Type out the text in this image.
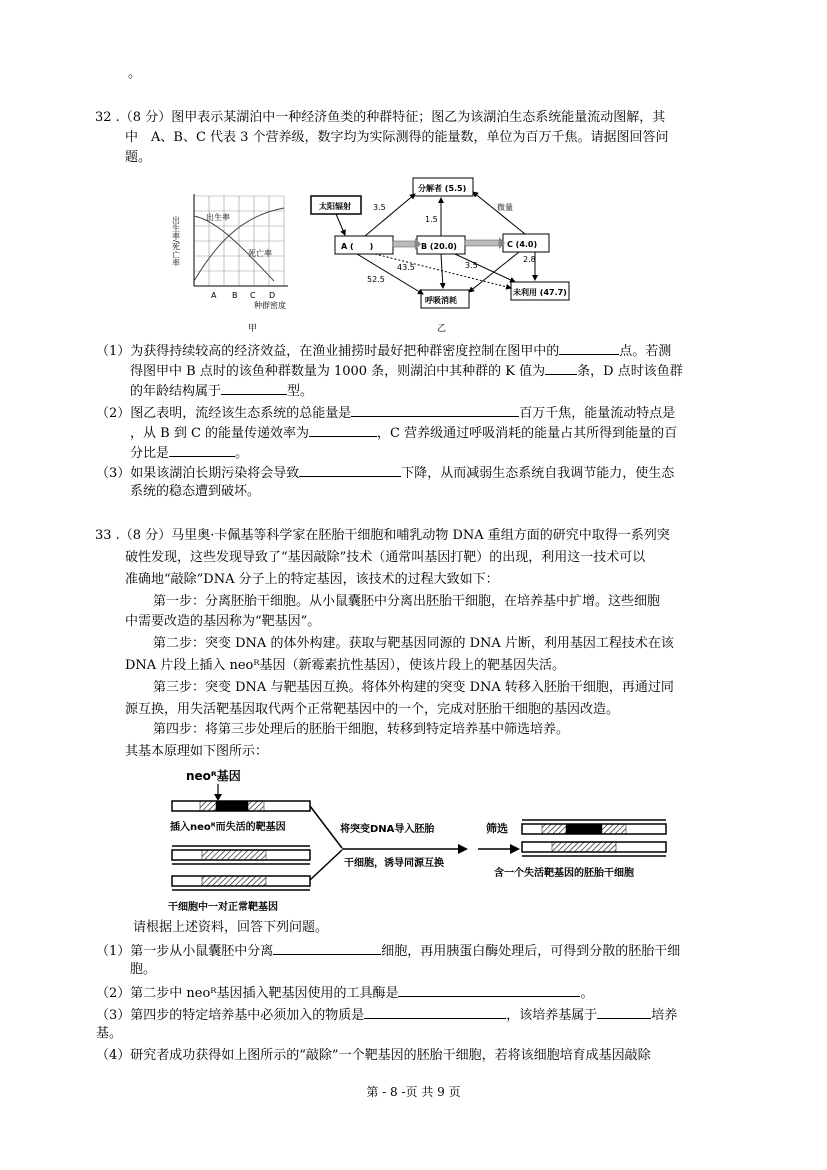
。
32 .（8 分）图甲表示某湖泊中一种经济鱼类的种群特征；图乙为该湖泊生态系统能量流动图解，其
中　A、B、C 代表 3 个营养级，数字均为实际测得的能量数，单位为百万千焦。请据图回答问
题。
出生率/死亡率	出生率
死亡率
A B C D
种群密度
甲
太阳辐射
分解者 (5.5)
A (　　)	B (20.0)	C (4.0)
呼吸消耗
未利用 (47.7)
3.5
1.5
微量
43.5	3.5
2.8
52.5
乙
（1）为获得持续较高的经济效益，在渔业捕捞时最好把种群密度控制在图甲中的	点。若测
得图甲中 B 点时的该鱼种群数量为 1000 条，则湖泊中其种群的 K 值为 条，D 点时该鱼群
的年龄结构属于	型。
（2）图乙表明，流经该生态系统的总能量是	百万千焦，能量流动特点是
，从 B 到 C 的能量传递效率为	，C 营养级通过呼吸消耗的能量占其所得到能量的百
分比是	。
（3）如果该湖泊长期污染将会导致	下降，从而减弱生态系统自我调节能力，使生态
系统的稳态遭到破坏。
33 .（8 分）马里奥·卡佩基等科学家在胚胎干细胞和哺乳动物 DNA 重组方面的研究中取得一系列突
破性发现，这些发现导致了“基因敲除”技术（通常叫基因打靶）的出现，利用这一技术可以
准确地“敲除”DNA 分子上的特定基因，该技术的过程大致如下：
第一步：分离胚胎干细胞。从小鼠囊胚中分离出胚胎干细胞，在培养基中扩增。这些细胞
中需要改造的基因称为“靶基因”。
第二步：突变 DNA 的体外构建。获取与靶基因同源的 DNA 片断，利用基因工程技术在该
DNA 片段上插入 neoᴿ基因（新霉素抗性基因），使该片段上的靶基因失活。
第三步：突变 DNA 与靶基因互换。将体外构建的突变 DNA 转移入胚胎干细胞，再通过同
源互换，用失活靶基因取代两个正常靶基因中的一个，完成对胚胎干细胞的基因改造。
第四步：将第三步处理后的胚胎干细胞，转移到特定培养基中筛选培养。
其基本原理如下图所示：
neoᴿ基因
插入neoᴿ而失活的靶基因
干细胞中一对正常靶基因
将突变DNA导入胚胎
干细胞，诱导同源互换
筛选
含一个失活靶基因的胚胎干细胞
请根据上述资料，回答下列问题。
（1）第一步从小鼠囊胚中分离	细胞，再用胰蛋白酶处理后，可得到分散的胚胎干细
胞。
（2）第二步中 neoᴿ基因插入靶基因使用的工具酶是	。
（3）第四步的特定培养基中必须加入的物质是	，该培养基属于	培养
基。
（4）研究者成功获得如上图所示的“敲除”一个靶基因的胚胎干细胞，若将该细胞培育成基因敲除
第 - 8 -页 共 9 页
